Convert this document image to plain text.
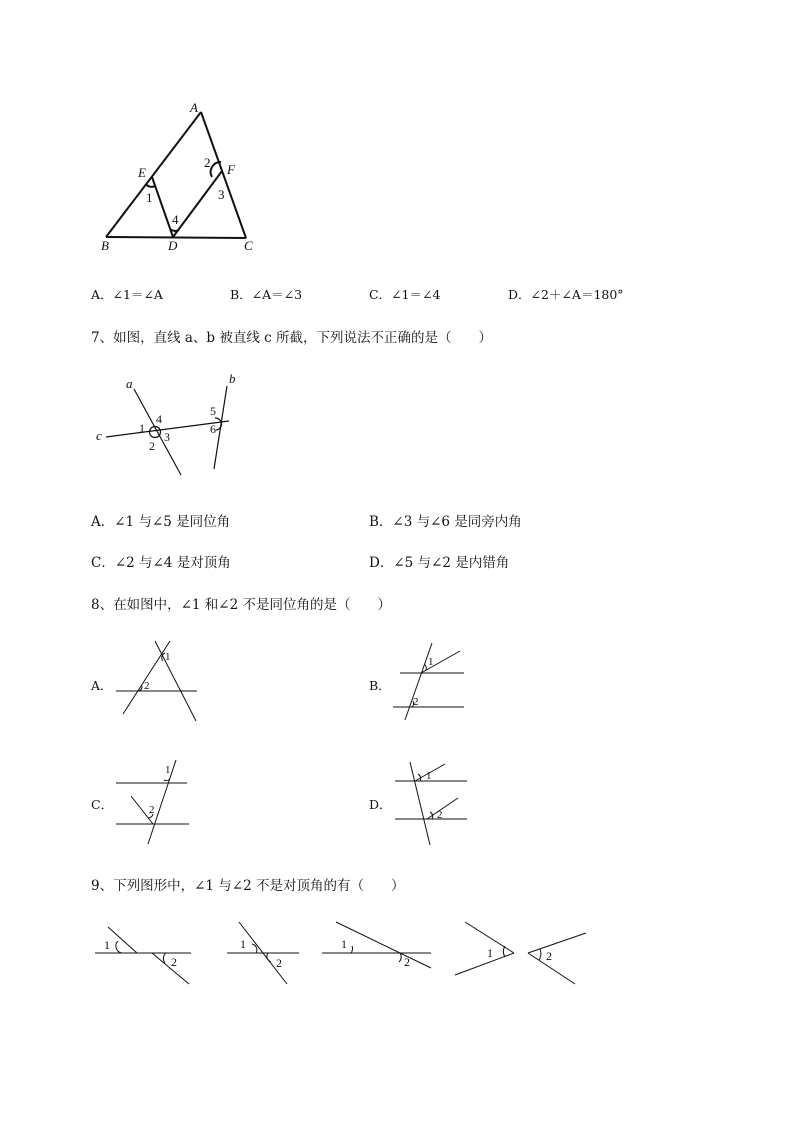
A
E	F
B	D	C
1
2
3
4
A．∠1＝∠A	B．∠A＝∠3	C．∠1＝∠4	D．∠2＋∠A＝180°
7、如图，直线 a、b 被直线 c 所截，下列说法不正确的是（　　）
a	b
c	1
4
3
2
5
6
A．∠1 与∠5 是同位角	B．∠3 与∠6 是同旁内角
C．∠2 与∠4 是对顶角	D．∠5 与∠2 是内错角
8、在如图中，∠1 和∠2 不是同位角的是（　　）
A．	B．
C．	D．
1
2
1
2
1
2
1
2
9、下列图形中，∠1 与∠2 不是对顶角的有（　　）
1
2
1
2
1
2
1	2
